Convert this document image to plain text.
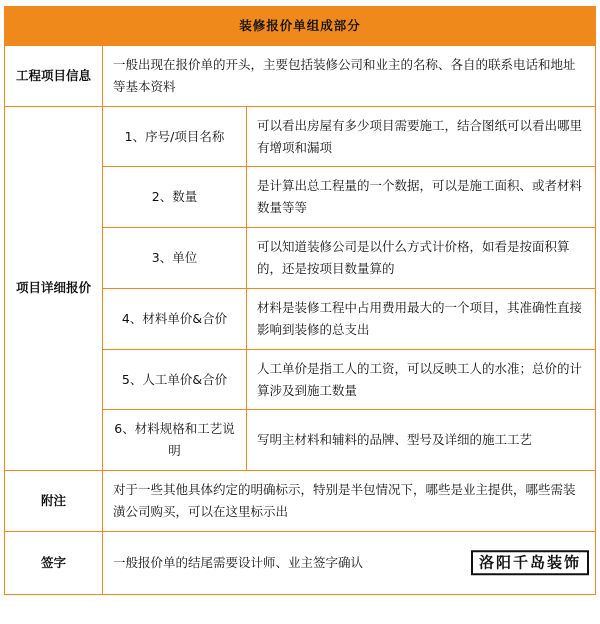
装修报价单组成部分		
工程项目信息	一般出现在报价单的开头，主要包括装修公司和业主的名称、各自的联系电话和地址等基本资料	
项目详细报价	1、序号/项目名称	可以看出房屋有多少项目需要施工，结合图纸可以看出哪里有增项和漏项
	2、数量	是计算出总工程量的一个数据，可以是施工面积、或者材料数量等等
	3、单位	可以知道装修公司是以什么方式计价格，如看是按面积算的，还是按项目数量算的
	4、材料单价&合价	材料是装修工程中占用费用最大的一个项目，其准确性直接影响到装修的总支出
	5、人工单价&合价	人工单价是指工人的工资，可以反映工人的水准；总价的计算涉及到施工数量
	6、材料规格和工艺说明	写明主材料和辅料的品牌、型号及详细的施工工艺
附注	对于一些其他具体约定的明确标示，特别是半包情况下，哪些是业主提供，哪些需装潢公司购买，可以在这里标示出	
签字	一般报价单的结尾需要设计师、业主签字确认 洛阳千岛装饰	
